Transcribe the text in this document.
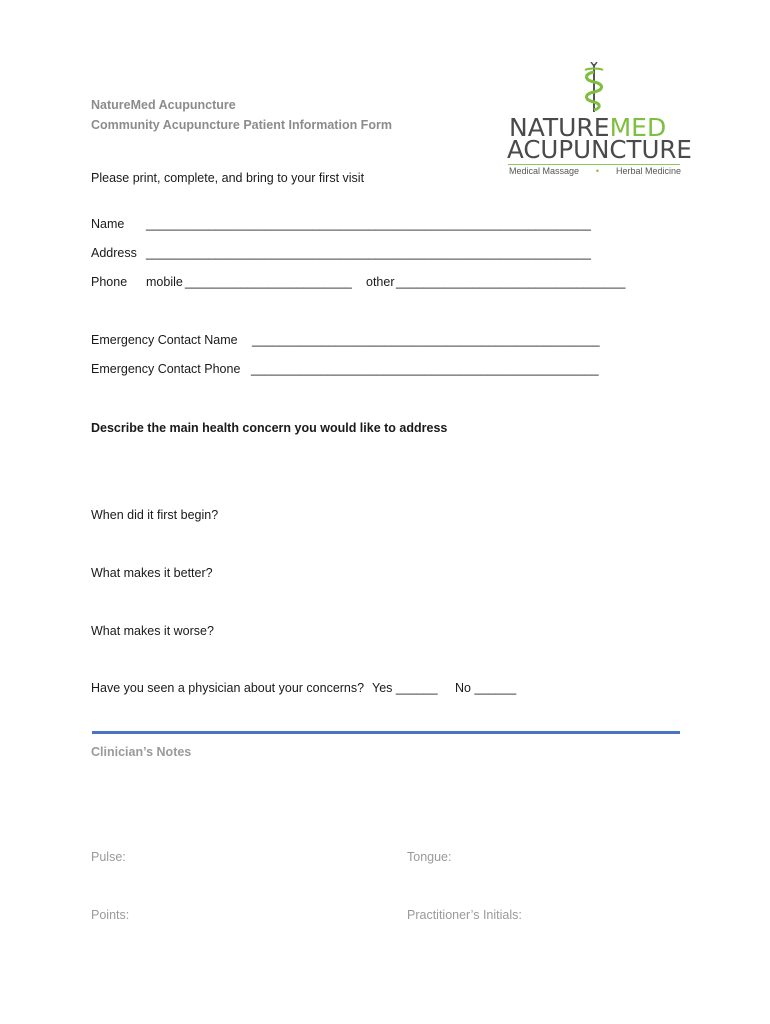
NatureMed Acupuncture
Community Acupuncture Patient Information Form	NATUREMED
ACUPUNCTURE
Medical Massage • Herbal Medicine
Please print, complete, and bring to your first visit
Name ________________________________________________________________
Address ________________________________________________________________
Phone mobile ________________________ other _________________________________
Emergency Contact Name __________________________________________________
Emergency Contact Phone __________________________________________________
Describe the main health concern you would like to address
When did it first begin?
What makes it better?
What makes it worse?
Have you seen a physician about your concerns? Yes ______ No ______
Clinician’s Notes
Pulse:	Tongue:
Points:	Practitioner’s Initials:
